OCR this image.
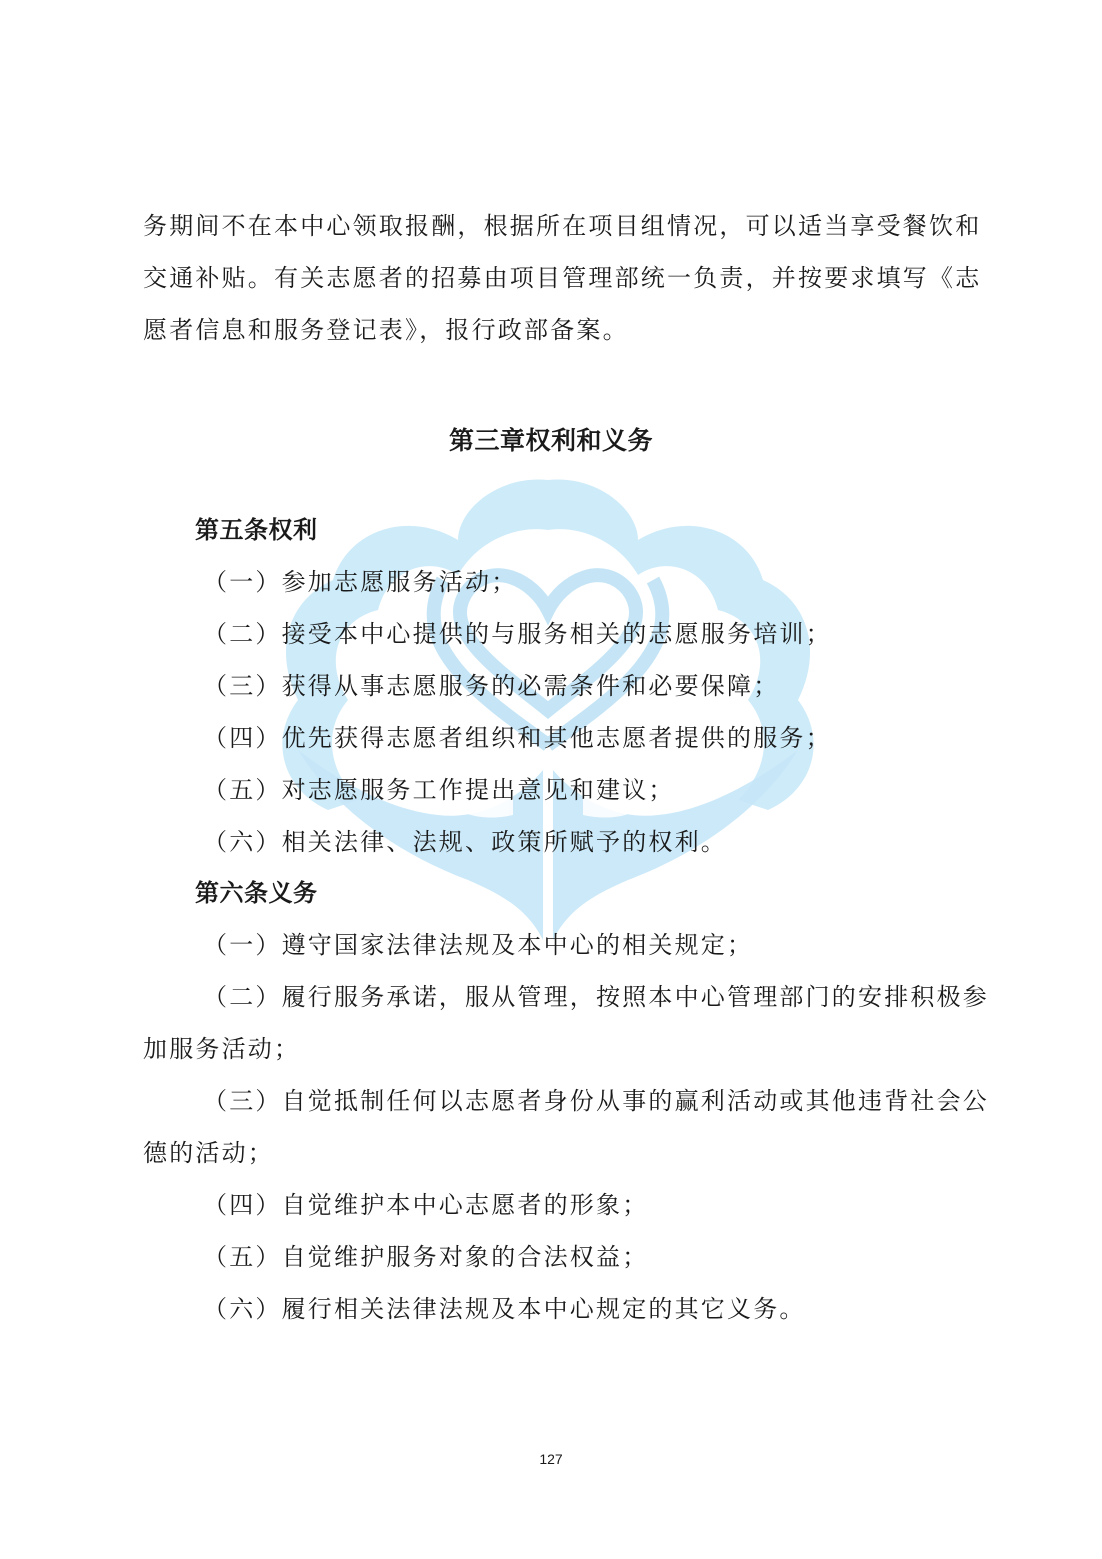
务期间不在本中心领取报酬，根据所在项目组情况，可以适当享受餐饮和
交通补贴。有关志愿者的招募由项目管理部统一负责，并按要求填写《志
愿者信息和服务登记表》，报行政部备案。
第三章权利和义务
第五条权利
（一）参加志愿服务活动；
（二）接受本中心提供的与服务相关的志愿服务培训；
（三）获得从事志愿服务的必需条件和必要保障；
（四）优先获得志愿者组织和其他志愿者提供的服务；
（五）对志愿服务工作提出意见和建议；
（六）相关法律、法规、政策所赋予的权利。
第六条义务
（一）遵守国家法律法规及本中心的相关规定；
（二）履行服务承诺，服从管理，按照本中心管理部门的安排积极参
加服务活动；
（三）自觉抵制任何以志愿者身份从事的赢利活动或其他违背社会公
德的活动；
（四）自觉维护本中心志愿者的形象；
（五）自觉维护服务对象的合法权益；
（六）履行相关法律法规及本中心规定的其它义务。
127
